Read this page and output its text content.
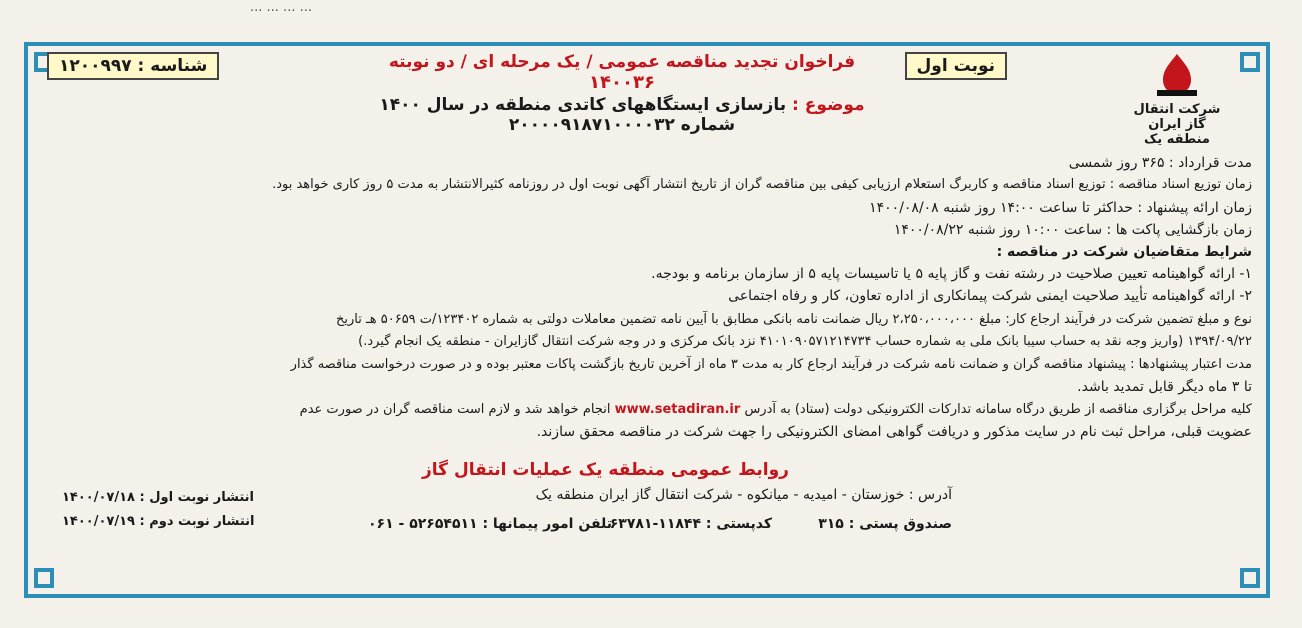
... ... ... ...
شرکت انتقال گاز ایران
منطقه یک
نوبت اول
شناسه : ۱۲۰۰۹۹۷	فراخوان تجدید مناقصه عمومی / یک مرحله ای / دو نوبته
۱۴۰۰۳۶
موضوع : بازسازی ایستگاههای کاتدی منطقه در سال ۱۴۰۰
شماره ۲۰۰۰۰۹۱۸۷۱۰۰۰۰۳۲
مدت قرارداد : ۳۶۵ روز شمسی
زمان توزیع اسناد مناقصه : توزیع اسناد مناقصه و کاربرگ استعلام ارزیابی کیفی بین مناقصه گران از تاریخ انتشار آگهی نوبت اول در روزنامه کثیرالانتشار به مدت ۵ روز کاری خواهد بود.
زمان ارائه پیشنهاد : حداکثر تا ساعت ۱۴:۰۰ روز شنبه ۱۴۰۰/۰۸/۰۸
زمان بازگشایی پاکت ها : ساعت ۱۰:۰۰ روز شنبه ۱۴۰۰/۰۸/۲۲
شرایط متقاضیان شرکت در مناقصه :
۱- ارائه گواهینامه تعیین صلاحیت در رشته نفت و گاز پایه ۵ یا تاسیسات پایه ۵ از سازمان برنامه و بودجه.
۲- ارائه گواهینامه تأیید صلاحیت ایمنی شرکت پیمانکاری از اداره تعاون، کار و رفاه اجتماعی
نوع و مبلغ تضمین شرکت در فرآیند ارجاع کار: مبلغ ۲،۲۵۰،۰۰۰،۰۰۰ ریال ضمانت نامه بانکی مطابق با آیین نامه تضمین معاملات دولتی به شماره ۱۲۳۴۰۲/ت ۵۰۶۵۹ هـ تاریخ
۱۳۹۴/۰۹/۲۲ (واریز وجه نقد به حساب سیبا بانک ملی به شماره حساب ۴۱۰۱۰۹۰۵۷۱۲۱۴۷۳۴ نزد بانک مرکزی و در وجه شرکت انتقال گازایران - منطقه یک انجام گیرد.)
مدت اعتبار پیشنهادها : پیشنهاد مناقصه گران و ضمانت نامه شرکت در فرآیند ارجاع کار به مدت ۳ ماه از آخرین تاریخ بازگشت پاکات معتبر بوده و در صورت درخواست مناقصه گذار
تا ۳ ماه دیگر قابل تمدید باشد.
کلیه مراحل برگزاری مناقصه از طریق درگاه سامانه تدارکات الکترونیکی دولت (ستاد) به آدرس www.setadiran.ir انجام خواهد شد و لازم است مناقصه گران در صورت عدم
عضویت قبلی، مراحل ثبت نام در سایت مذکور و دریافت گواهی امضای الکترونیکی را جهت شرکت در مناقصه محقق سازند.
روابط عمومی منطقه یک عملیات انتقال گاز
آدرس : خوزستان - امیدیه - میانکوه - شرکت انتقال گاز ایران منطقه یک
صندوق پستی : ۳۱۵
کدپستی : ۱۱۸۴۴-۶۳۷۸۱
تلفن امور پیمانها : ۵۲۶۵۴۵۱۱ - ۰۶۱
انتشار نوبت اول : ۱۴۰۰/۰۷/۱۸
انتشار نوبت دوم : ۱۴۰۰/۰۷/۱۹
